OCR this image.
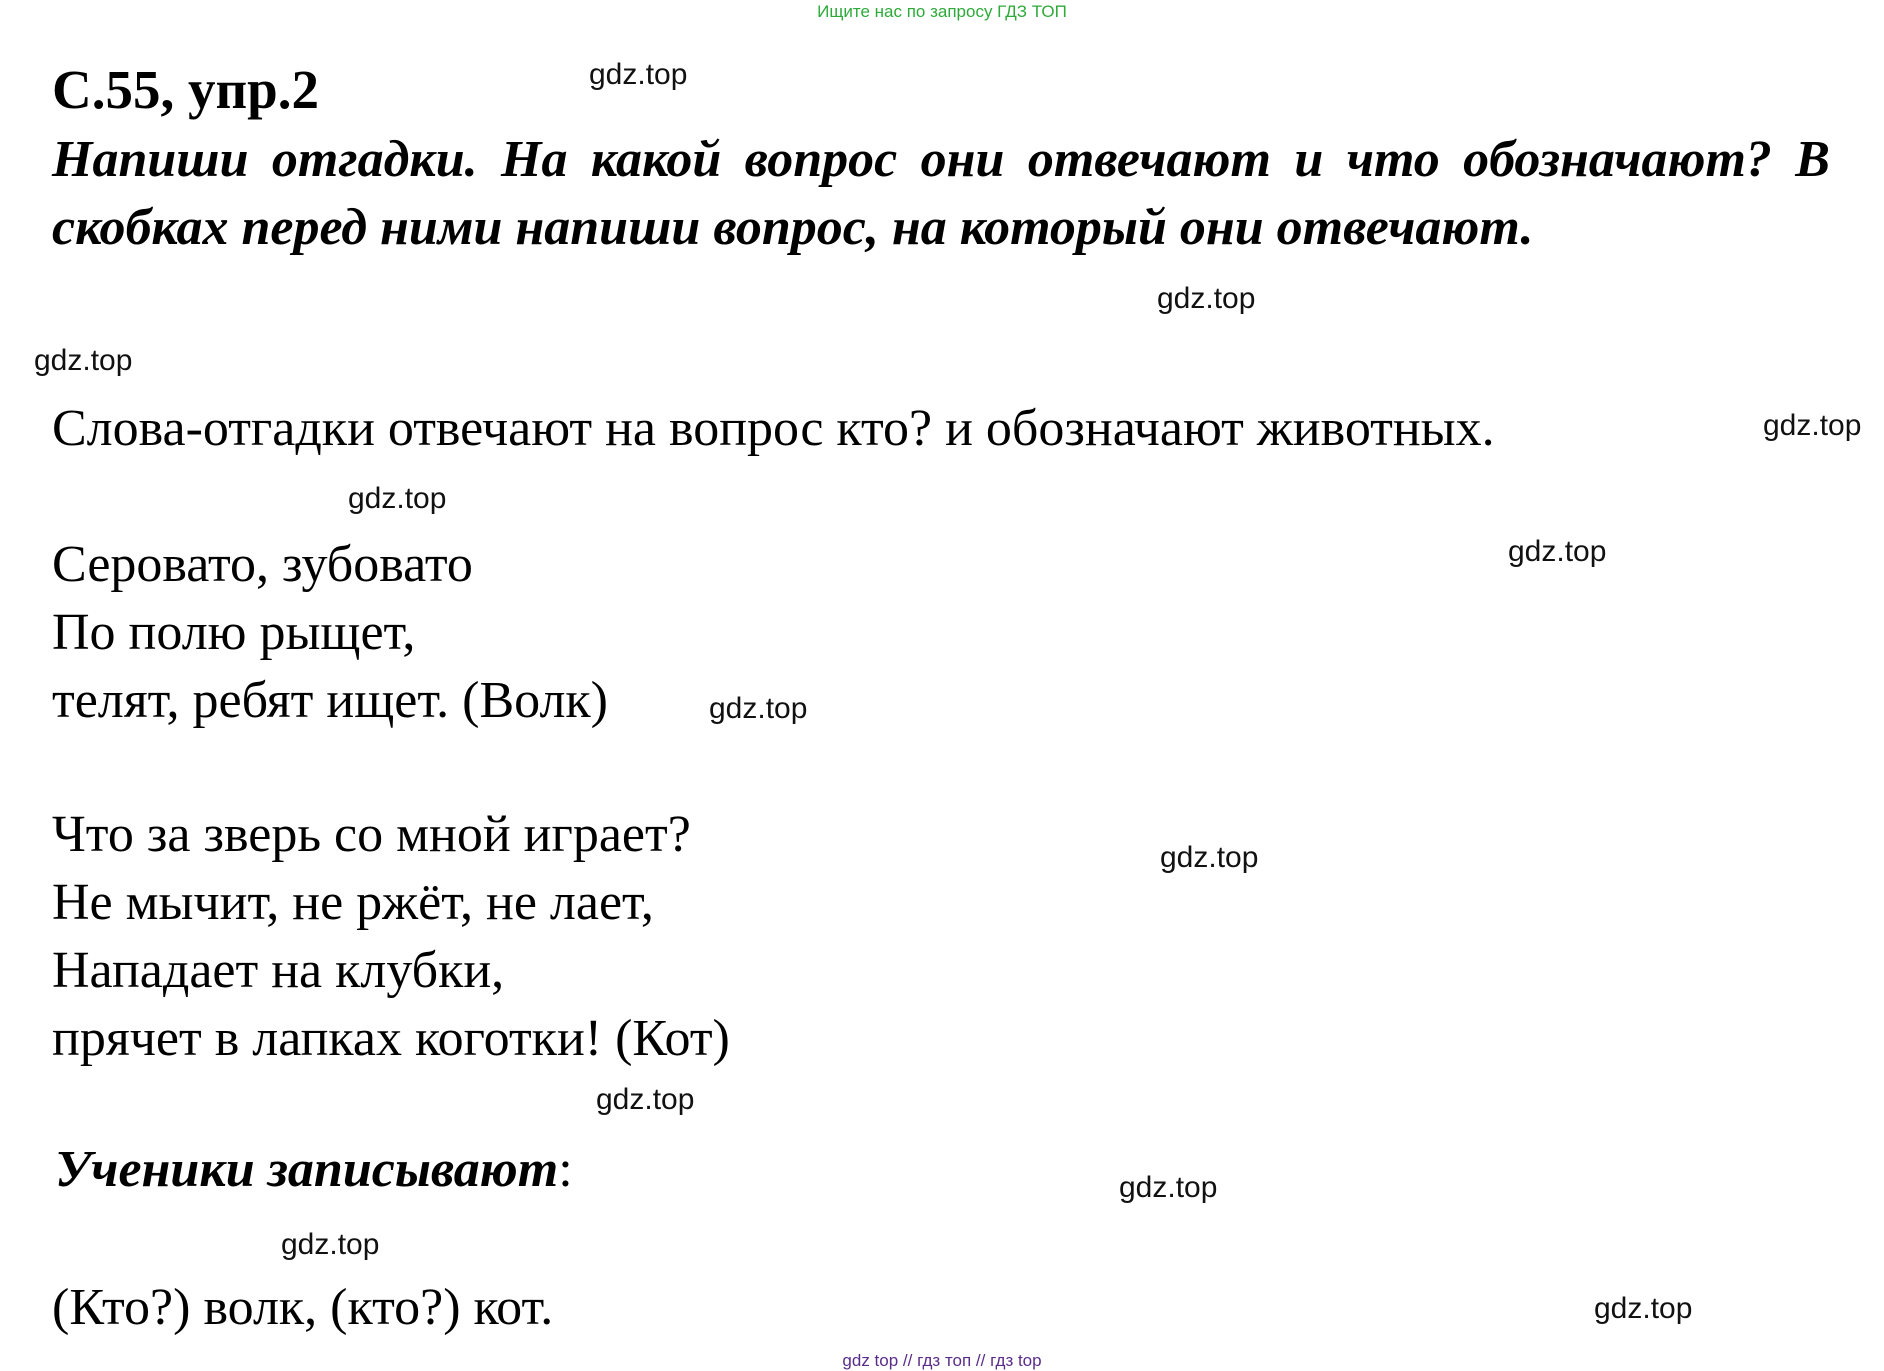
Ищите нас по запросу ГДЗ ТОП
С.55, упр.2
Напиши отгадки. На какой вопрос они отвечают и что обозначают? В скобках перед ними напиши вопрос, на который они отвечают.
Слова-отгадки отвечают на вопрос кто? и обозначают животных.
Серовато, зубовато
По полю рыщет,
телят, ребят ищет. (Волк)
Что за зверь со мной играет?
Не мычит, не ржёт, не лает,
Нападает на клубки,
прячет в лапках коготки! (Кот)
Ученики записывают:
(Кто?) волк, (кто?) кот.
gdz.top
gdz.top
gdz.top
gdz.top
gdz.top
gdz.top
gdz.top
gdz.top
gdz.top
gdz.top
gdz.top
gdz.top
gdz top // гдз топ // гдз top
